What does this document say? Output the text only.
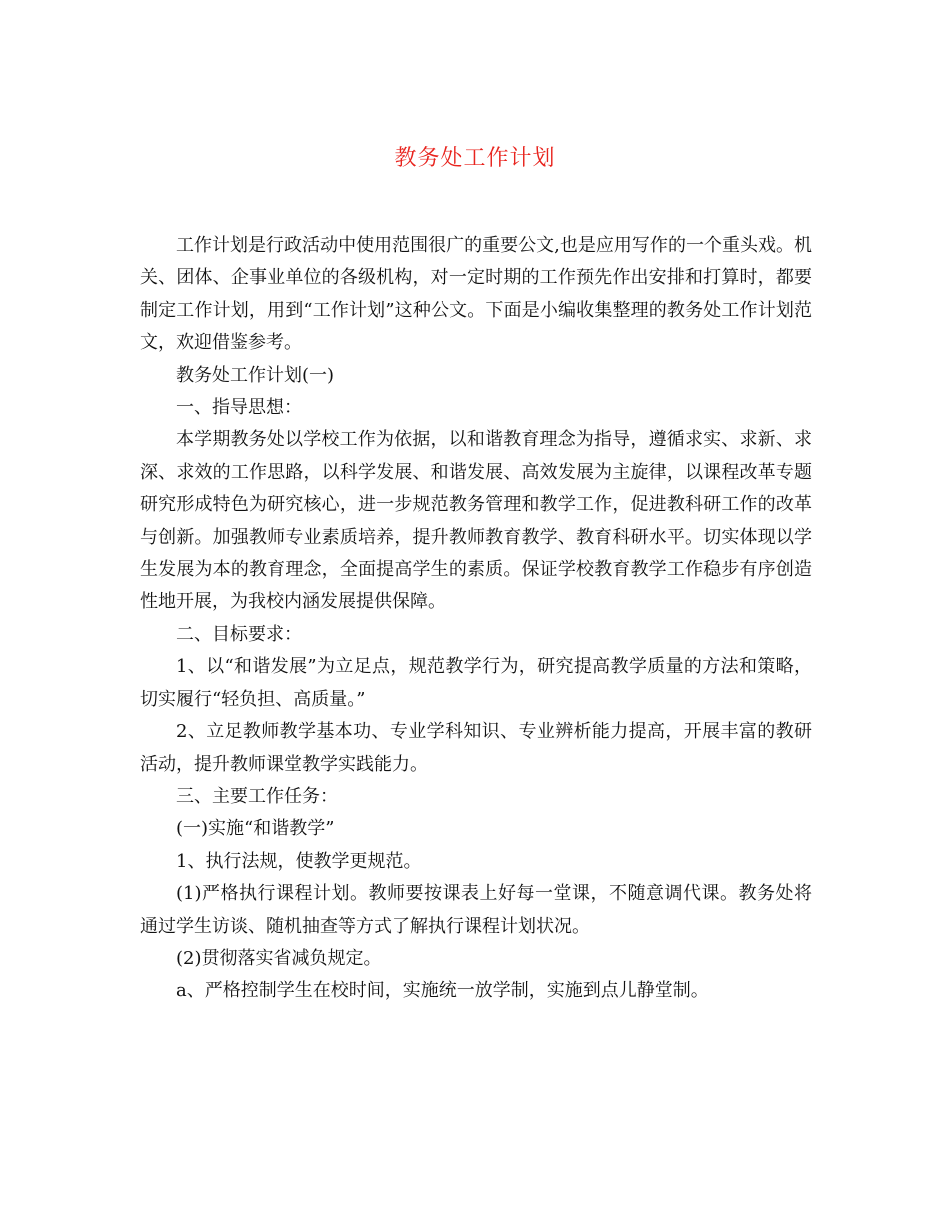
教务处工作计划

工作计划是行政活动中使用范围很广的重要公文,也是应用写作的一个重头戏。机关、团体、企事业单位的各级机构，对一定时期的工作预先作出安排和打算时，都要制定工作计划，用到“工作计划”这种公文。下面是小编收集整理的教务处工作计划范文，欢迎借鉴参考。

教务处工作计划(一)

一、指导思想：

本学期教务处以学校工作为依据，以和谐教育理念为指导，遵循求实、求新、求深、求效的工作思路，以科学发展、和谐发展、高效发展为主旋律，以课程改革专题研究形成特色为研究核心，进一步规范教务管理和教学工作，促进教科研工作的改革与创新。加强教师专业素质培养，提升教师教育教学、教育科研水平。切实体现以学生发展为本的教育理念，全面提高学生的素质。保证学校教育教学工作稳步有序创造性地开展，为我校内涵发展提供保障。

二、目标要求：

1、以“和谐发展”为立足点，规范教学行为，研究提高教学质量的方法和策略，切实履行“轻负担、高质量。”

2、立足教师教学基本功、专业学科知识、专业辨析能力提高，开展丰富的教研活动，提升教师课堂教学实践能力。

三、主要工作任务：

(一)实施“和谐教学”

1、执行法规，使教学更规范。

(1)严格执行课程计划。教师要按课表上好每一堂课，不随意调代课。教务处将通过学生访谈、随机抽查等方式了解执行课程计划状况。

(2)贯彻落实省减负规定。

a、严格控制学生在校时间，实施统一放学制，实施到点儿静堂制。
